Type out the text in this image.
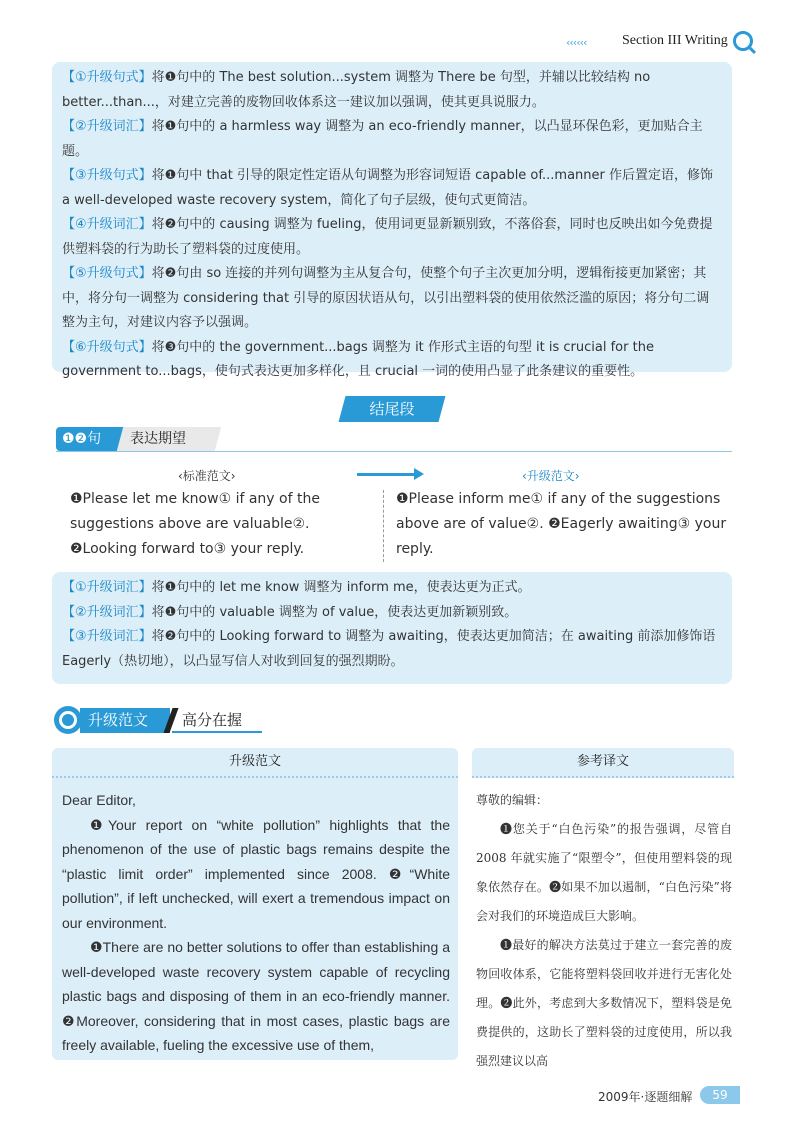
‹‹‹‹‹‹	Section III Writing

【①升级句式】将❶句中的 The best solution...system 调整为 There be 句型，并辅以比较结构 no better...than...，对建立完善的废物回收体系这一建议加以强调，使其更具说服力。

【②升级词汇】将❶句中的 a harmless way 调整为 an eco-friendly manner，以凸显环保色彩，更加贴合主题。

【③升级句式】将❶句中 that 引导的限定性定语从句调整为形容词短语 capable of...manner 作后置定语，修饰 a well-developed waste recovery system，简化了句子层级，使句式更简洁。

【④升级词汇】将❷句中的 causing 调整为 fueling，使用词更显新颖别致，不落俗套，同时也反映出如今免费提供塑料袋的行为助长了塑料袋的过度使用。

【⑤升级句式】将❷句由 so 连接的并列句调整为主从复合句，使整个句子主次更加分明，逻辑衔接更加紧密；其中，将分句一调整为 considering that 引导的原因状语从句，以引出塑料袋的使用依然泛滥的原因；将分句二调整为主句，对建议内容予以强调。

【⑥升级句式】将❸句中的 the government...bags 调整为 it 作形式主语的句型 it is crucial for the government to...bags，使句式表达更加多样化，且 crucial 一词的使用凸显了此条建议的重要性。

结尾段
❶❷句	表达期望
‹标准范文›	‹升级范文›
❶Please let me know① if any of the suggestions above are valuable②. ❷Looking forward to③ your reply.
❶Please inform me① if any of the suggestions above are of value②. ❷Eagerly awaiting③ your reply.

【①升级词汇】将❶句中的 let me know 调整为 inform me，使表达更为正式。

【②升级词汇】将❶句中的 valuable 调整为 of value，使表达更加新颖别致。

【③升级词汇】将❷句中的 Looking forward to 调整为 awaiting，使表达更加简洁；在 awaiting 前添加修饰语 Eagerly（热切地），以凸显写信人对收到回复的强烈期盼。

升级范文	高分在握
升级范文

Dear Editor,

❶Your report on “white pollution” highlights that the phenomenon of the use of plastic bags remains despite the “plastic limit order” implemented since 2008. ❷“White pollution”, if left unchecked, will exert a tremendous impact on our environment.

❶There are no better solutions to offer than establishing a well-developed waste recovery system capable of recycling plastic bags and disposing of them in an eco-friendly manner. ❷Moreover, considering that in most cases, plastic bags are freely available, fueling the excessive use of them,

参考译文

尊敬的编辑：

❶您关于“白色污染”的报告强调，尽管自 2008 年就实施了“限塑令”，但使用塑料袋的现象依然存在。❷如果不加以遏制，“白色污染”将会对我们的环境造成巨大影响。

❶最好的解决方法莫过于建立一套完善的废物回收体系，它能将塑料袋回收并进行无害化处理。❷此外，考虑到大多数情况下，塑料袋是免费提供的，这助长了塑料袋的过度使用，所以我强烈建议以高

2009年·逐题细解	59
